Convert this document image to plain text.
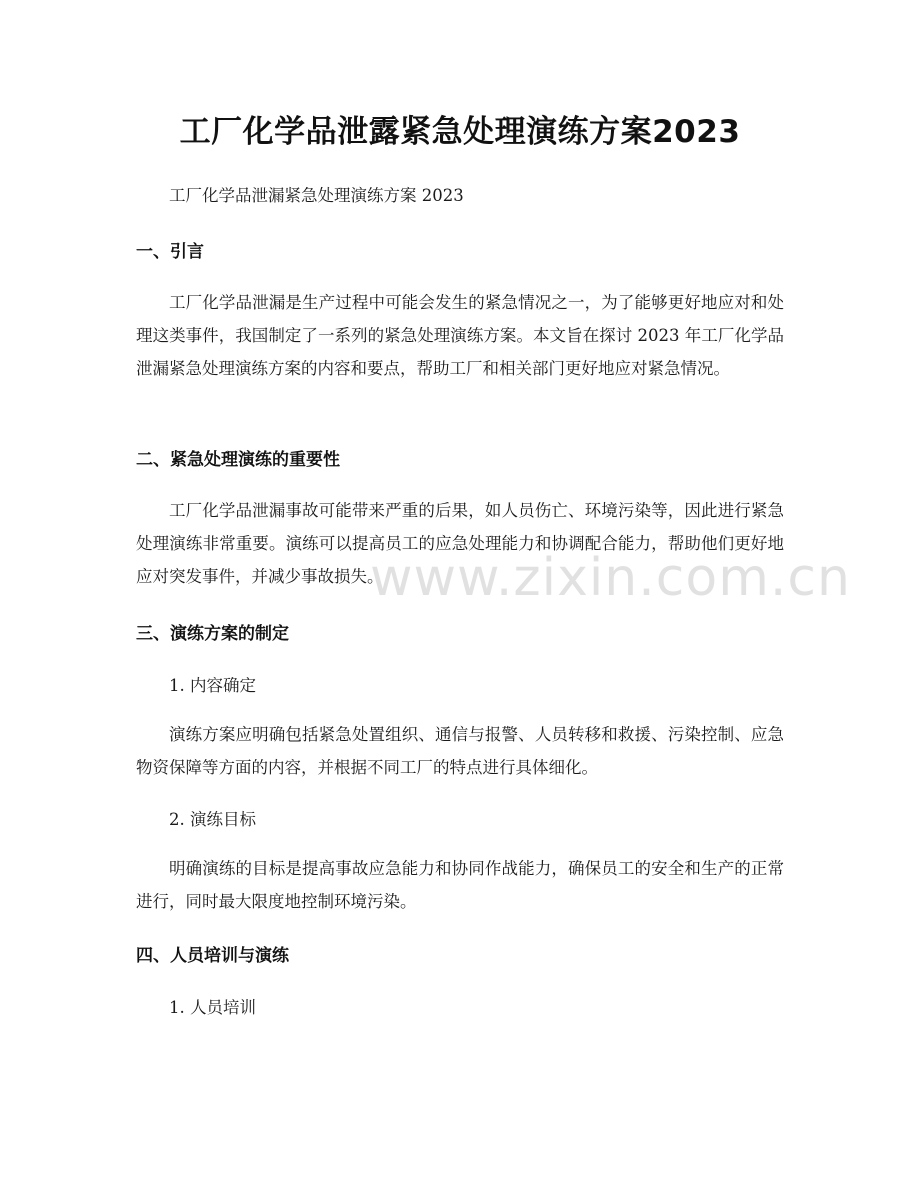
工厂化学品泄露紧急处理演练方案2023

工厂化学品泄漏紧急处理演练方案 2023

一、引言

工厂化学品泄漏是生产过程中可能会发生的紧急情况之一，为了能够更好地应对和处理这类事件，我国制定了一系列的紧急处理演练方案。本文旨在探讨 2023 年工厂化学品泄漏紧急处理演练方案的内容和要点，帮助工厂和相关部门更好地应对紧急情况。

二、紧急处理演练的重要性

工厂化学品泄漏事故可能带来严重的后果，如人员伤亡、环境污染等，因此进行紧急处理演练非常重要。演练可以提高员工的应急处理能力和协调配合能力，帮助他们更好地应对突发事件，并减少事故损失。

三、演练方案的制定

1. 内容确定

演练方案应明确包括紧急处置组织、通信与报警、人员转移和救援、污染控制、应急物资保障等方面的内容，并根据不同工厂的特点进行具体细化。

2. 演练目标

明确演练的目标是提高事故应急能力和协同作战能力，确保员工的安全和生产的正常进行，同时最大限度地控制环境污染。

四、人员培训与演练

1. 人员培训

www.zixin.com.cn
